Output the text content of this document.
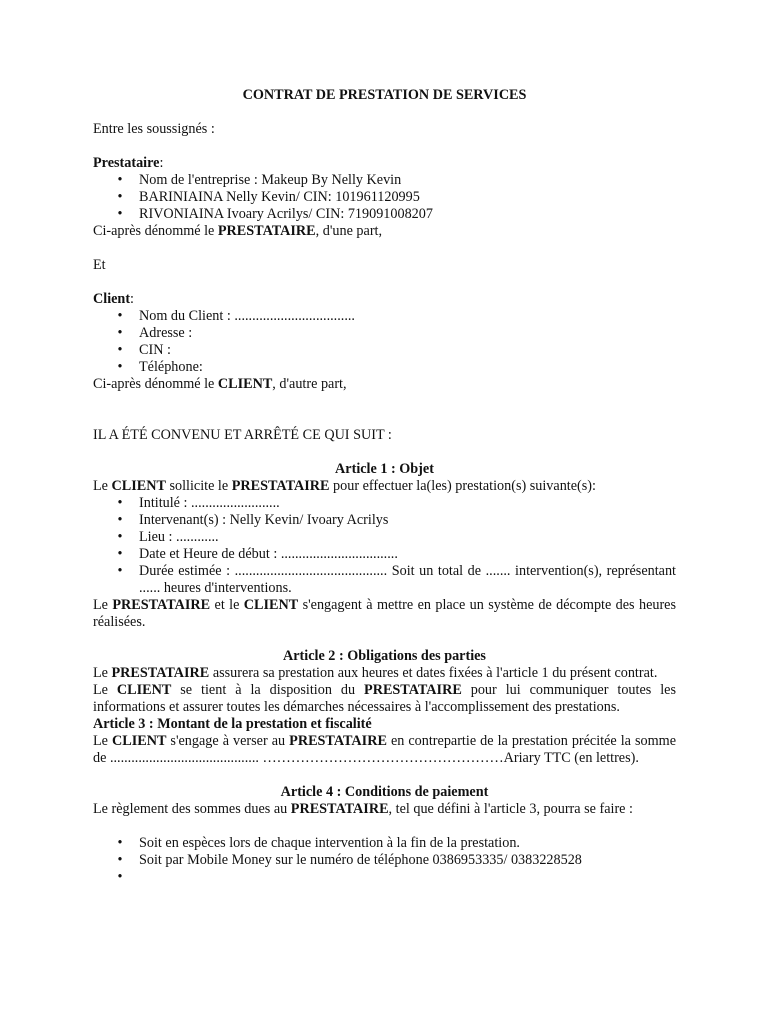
CONTRAT DE PRESTATION DE SERVICES

Entre les soussignés :

Prestataire:

• Nom de l'entreprise : Makeup By Nelly Kevin
• BARINIAINA Nelly Kevin/ CIN: 101961120995
• RIVONIAINA Ivoary Acrilys/ CIN: 719091008207

Ci-après dénommé le PRESTATAIRE, d'une part,

Et

Client:

• Nom du Client : ..................................
• Adresse :
• CIN :
• Téléphone:

Ci-après dénommé le CLIENT, d'autre part,

IL A ÉTÉ CONVENU ET ARRÊTÉ CE QUI SUIT :

Article 1 : Objet

Le CLIENT sollicite le PRESTATAIRE pour effectuer la(les) prestation(s) suivante(s):

• Intitulé : .........................
• Intervenant(s) : Nelly Kevin/ Ivoary Acrilys
• Lieu : ............
• Date et Heure de début : .................................
• Durée estimée : ........................................... Soit un total de ....... intervention(s), représentant ...... heures d'interventions.

Le PRESTATAIRE et le CLIENT s'engagent à mettre en place un système de décompte des heures réalisées.

Article 2 : Obligations des parties

Le PRESTATAIRE assurera sa prestation aux heures et dates fixées à l'article 1 du présent contrat.

Le CLIENT se tient à la disposition du PRESTATAIRE pour lui communiquer toutes les informations et assurer toutes les démarches nécessaires à l'accomplissement des prestations.

Article 3 : Montant de la prestation et fiscalité

Le CLIENT s'engage à verser au PRESTATAIRE en contrepartie de la prestation précitée la somme de .......................................... ……………………………………………Ariary TTC (en lettres).

Article 4 : Conditions de paiement

Le règlement des sommes dues au PRESTATAIRE, tel que défini à l'article 3, pourra se faire :

• Soit en espèces lors de chaque intervention à la fin de la prestation.
• Soit par Mobile Money sur le numéro de téléphone 0386953335/ 0383228528
•
